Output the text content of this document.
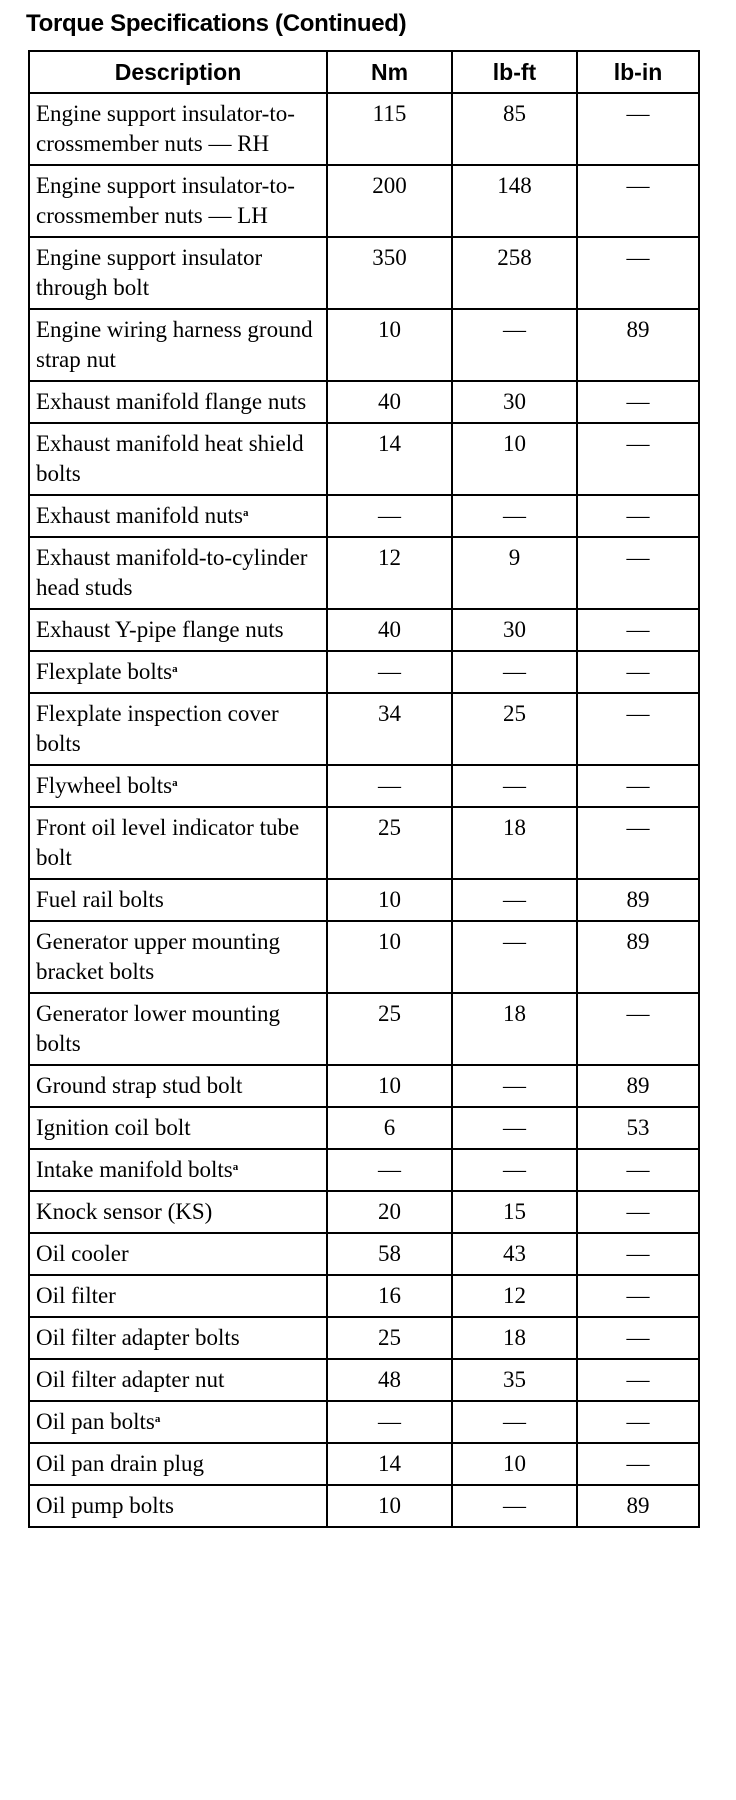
Torque Specifications (Continued)
Description	Nm	lb-ft	lb-in
Engine support insulator-to-crossmember nuts — RH	115	85	—
Engine support insulator-to-crossmember nuts — LH	200	148	—
Engine support insulator through bolt	350	258	—
Engine wiring harness ground strap nut	10	—	89
Exhaust manifold flange nuts	40	30	—
Exhaust manifold heat shield bolts	14	10	—
Exhaust manifold nuts$^a$	—	—	—
Exhaust manifold-to-cylinder head studs	12	9	—
Exhaust Y-pipe flange nuts	40	30	—
Flexplate bolts$^a$	—	—	—
Flexplate inspection cover bolts	34	25	—
Flywheel bolts$^a$	—	—	—
Front oil level indicator tube bolt	25	18	—
Fuel rail bolts	10	—	89
Generator upper mounting bracket bolts	10	—	89
Generator lower mounting bolts	25	18	—
Ground strap stud bolt	10	—	89
Ignition coil bolt	6	—	53
Intake manifold bolts$^a$	—	—	—
Knock sensor (KS)	20	15	—
Oil cooler	58	43	—
Oil filter	16	12	—
Oil filter adapter bolts	25	18	—
Oil filter adapter nut	48	35	—
Oil pan bolts$^a$	—	—	—
Oil pan drain plug	14	10	—
Oil pump bolts	10	—	89
